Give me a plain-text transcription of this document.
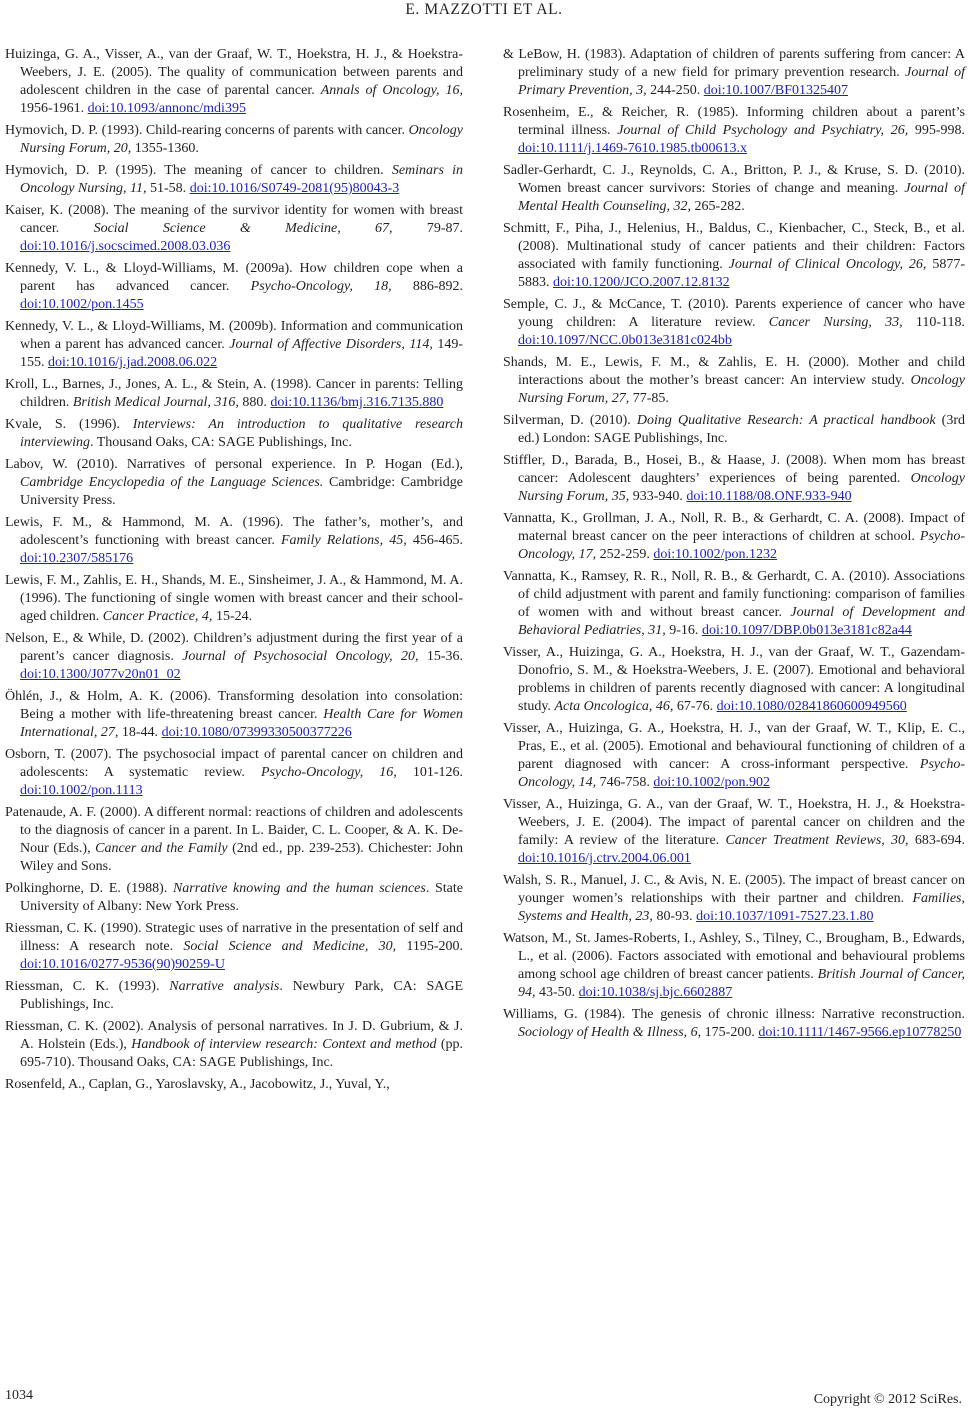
E. MAZZOTTI ET AL.

Huizinga, G. A., Visser, A., van der Graaf, W. T., Hoekstra, H. J., & Hoekstra-Weebers, J. E. (2005). The quality of communication between parents and adolescent children in the case of parental cancer. Annals of Oncology, 16, 1956-1961. doi:10.1093/annonc/mdi395

Hymovich, D. P. (1993). Child-rearing concerns of parents with cancer. Oncology Nursing Forum, 20, 1355-1360.

Hymovich, D. P. (1995). The meaning of cancer to children. Seminars in Oncology Nursing, 11, 51-58. doi:10.1016/S0749-2081(95)80043-3

Kaiser, K. (2008). The meaning of the survivor identity for women with breast cancer. Social Science & Medicine, 67, 79-87. doi:10.1016/j.socscimed.2008.03.036

Kennedy, V. L., & Lloyd-Williams, M. (2009a). How children cope when a parent has advanced cancer. Psycho-Oncology, 18, 886-892. doi:10.1002/pon.1455

Kennedy, V. L., & Lloyd-Williams, M. (2009b). Information and communication when a parent has advanced cancer. Journal of Affective Disorders, 114, 149-155. doi:10.1016/j.jad.2008.06.022

Kroll, L., Barnes, J., Jones, A. L., & Stein, A. (1998). Cancer in parents: Telling children. British Medical Journal, 316, 880. doi:10.1136/bmj.316.7135.880

Kvale, S. (1996). Interviews: An introduction to qualitative research interviewing. Thousand Oaks, CA: SAGE Publishings, Inc.

Labov, W. (2010). Narratives of personal experience. In P. Hogan (Ed.), Cambridge Encyclopedia of the Language Sciences. Cambridge: Cambridge University Press.

Lewis, F. M., & Hammond, M. A. (1996). The father’s, mother’s, and adolescent’s functioning with breast cancer. Family Relations, 45, 456-465. doi:10.2307/585176

Lewis, F. M., Zahlis, E. H., Shands, M. E., Sinsheimer, J. A., & Hammond, M. A. (1996). The functioning of single women with breast cancer and their school-aged children. Cancer Practice, 4, 15-24.

Nelson, E., & While, D. (2002). Children’s adjustment during the first year of a parent’s cancer diagnosis. Journal of Psychosocial Oncology, 20, 15-36. doi:10.1300/J077v20n01_02

Öhlén, J., & Holm, A. K. (2006). Transforming desolation into consolation: Being a mother with life-threatening breast cancer. Health Care for Women International, 27, 18-44. doi:10.1080/07399330500377226

Osborn, T. (2007). The psychosocial impact of parental cancer on children and adolescents: A systematic review. Psycho-Oncology, 16, 101-126. doi:10.1002/pon.1113

Patenaude, A. F. (2000). A different normal: reactions of children and adolescents to the diagnosis of cancer in a parent. In L. Baider, C. L. Cooper, & A. K. De-Nour (Eds.), Cancer and the Family (2nd ed., pp. 239-253). Chichester: John Wiley and Sons.

Polkinghorne, D. E. (1988). Narrative knowing and the human sciences. State University of Albany: New York Press.

Riessman, C. K. (1990). Strategic uses of narrative in the presentation of self and illness: A research note. Social Science and Medicine, 30, 1195-200. doi:10.1016/0277-9536(90)90259-U

Riessman, C. K. (1993). Narrative analysis. Newbury Park, CA: SAGE Publishings, Inc.

Riessman, C. K. (2002). Analysis of personal narratives. In J. D. Gubrium, & J. A. Holstein (Eds.), Handbook of interview research: Context and method (pp. 695-710). Thousand Oaks, CA: SAGE Publishings, Inc.

Rosenfeld, A., Caplan, G., Yaroslavsky, A., Jacobowitz, J., Yuval, Y.,

& LeBow, H. (1983). Adaptation of children of parents suffering from cancer: A preliminary study of a new field for primary prevention research. Journal of Primary Prevention, 3, 244-250. doi:10.1007/BF01325407

Rosenheim, E., & Reicher, R. (1985). Informing children about a parent’s terminal illness. Journal of Child Psychology and Psychiatry, 26, 995-998. doi:10.1111/j.1469-7610.1985.tb00613.x

Sadler-Gerhardt, C. J., Reynolds, C. A., Britton, P. J., & Kruse, S. D. (2010). Women breast cancer survivors: Stories of change and meaning. Journal of Mental Health Counseling, 32, 265-282.

Schmitt, F., Piha, J., Helenius, H., Baldus, C., Kienbacher, C., Steck, B., et al. (2008). Multinational study of cancer patients and their children: Factors associated with family functioning. Journal of Clinical Oncology, 26, 5877-5883. doi:10.1200/JCO.2007.12.8132

Semple, C. J., & McCance, T. (2010). Parents experience of cancer who have young children: A literature review. Cancer Nursing, 33, 110-118. doi:10.1097/NCC.0b013e3181c024bb

Shands, M. E., Lewis, F. M., & Zahlis, E. H. (2000). Mother and child interactions about the mother’s breast cancer: An interview study. Oncology Nursing Forum, 27, 77-85.

Silverman, D. (2010). Doing Qualitative Research: A practical handbook (3rd ed.) London: SAGE Publishings, Inc.

Stiffler, D., Barada, B., Hosei, B., & Haase, J. (2008). When mom has breast cancer: Adolescent daughters’ experiences of being parented. Oncology Nursing Forum, 35, 933-940. doi:10.1188/08.ONF.933-940

Vannatta, K., Grollman, J. A., Noll, R. B., & Gerhardt, C. A. (2008). Impact of maternal breast cancer on the peer interactions of children at school. Psycho-Oncology, 17, 252-259. doi:10.1002/pon.1232

Vannatta, K., Ramsey, R. R., Noll, R. B., & Gerhardt, C. A. (2010). Associations of child adjustment with parent and family functioning: comparison of families of women with and without breast cancer. Journal of Development and Behavioral Pediatries, 31, 9-16. doi:10.1097/DBP.0b013e3181c82a44

Visser, A., Huizinga, G. A., Hoekstra, H. J., van der Graaf, W. T., Gazendam-Donofrio, S. M., & Hoekstra-Weebers, J. E. (2007). Emotional and behavioral problems in children of parents recently diagnosed with cancer: A longitudinal study. Acta Oncologica, 46, 67-76. doi:10.1080/02841860600949560

Visser, A., Huizinga, G. A., Hoekstra, H. J., van der Graaf, W. T., Klip, E. C., Pras, E., et al. (2005). Emotional and behavioural functioning of children of a parent diagnosed with cancer: A cross-informant perspective. Psycho-Oncology, 14, 746-758. doi:10.1002/pon.902

Visser, A., Huizinga, G. A., van der Graaf, W. T., Hoekstra, H. J., & Hoekstra-Weebers, J. E. (2004). The impact of parental cancer on children and the family: A review of the literature. Cancer Treatment Reviews, 30, 683-694. doi:10.1016/j.ctrv.2004.06.001

Walsh, S. R., Manuel, J. C., & Avis, N. E. (2005). The impact of breast cancer on younger women’s relationships with their partner and children. Families, Systems and Health, 23, 80-93. doi:10.1037/1091-7527.23.1.80

Watson, M., St. James-Roberts, I., Ashley, S., Tilney, C., Brougham, B., Edwards, L., et al. (2006). Factors associated with emotional and behavioural problems among school age children of breast cancer patients. British Journal of Cancer, 94, 43-50. doi:10.1038/sj.bjc.6602887

Williams, G. (1984). The genesis of chronic illness: Narrative reconstruction. Sociology of Health & Illness, 6, 175-200. doi:10.1111/1467-9566.ep10778250

1034	Copyright © 2012 SciRes.
